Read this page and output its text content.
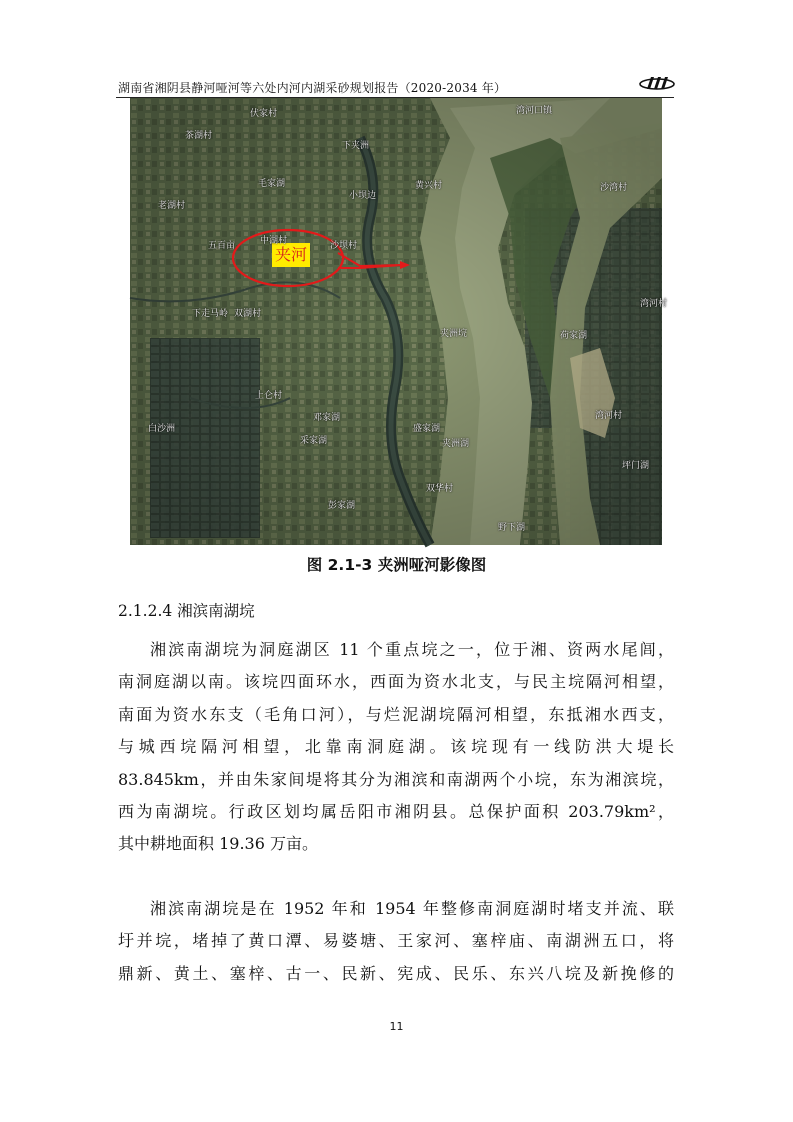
湖南省湘阴县静河哑河等六处内河内湖采砂规划报告（2020-2034 年）
夹河
伏家村
下夹洲
茶湖村
毛家湖
小坝边
老湖村
五百亩	中湖村	沙坝村
黄兴村
下走马岭 双湖村
夹洲垸
上仑村
白沙洲
夹洲湖
采家湖
彭家湖
盛家湖
邓家湖
双华村
野下湖
湾河口镇
沙湾村
湾河村
荷家湖
湾河村
坪门湖
图 2.1-3 夹洲哑河影像图
2.1.2.4 湘滨南湖垸

湘滨南湖垸为洞庭湖区 11 个重点垸之一，位于湘、资两水尾闾，

南洞庭湖以南。该垸四面环水，西面为资水北支，与民主垸隔河相望，

南面为资水东支（毛角口河），与烂泥湖垸隔河相望，东抵湘水西支，

与城西垸隔河相望，北靠南洞庭湖。该垸现有一线防洪大堤长

83.845km，并由朱家间堤将其分为湘滨和南湖两个小垸，东为湘滨垸，

西为南湖垸。行政区划均属岳阳市湘阴县。总保护面积 203.79km²，

其中耕地面积 19.36 万亩。

湘滨南湖垸是在 1952 年和 1954 年整修南洞庭湖时堵支并流、联

圩并垸，堵掉了黄口潭、易婆塘、王家河、塞梓庙、南湖洲五口，将

鼎新、黄土、塞梓、古一、民新、宪成、民乐、东兴八垸及新挽修的

11
